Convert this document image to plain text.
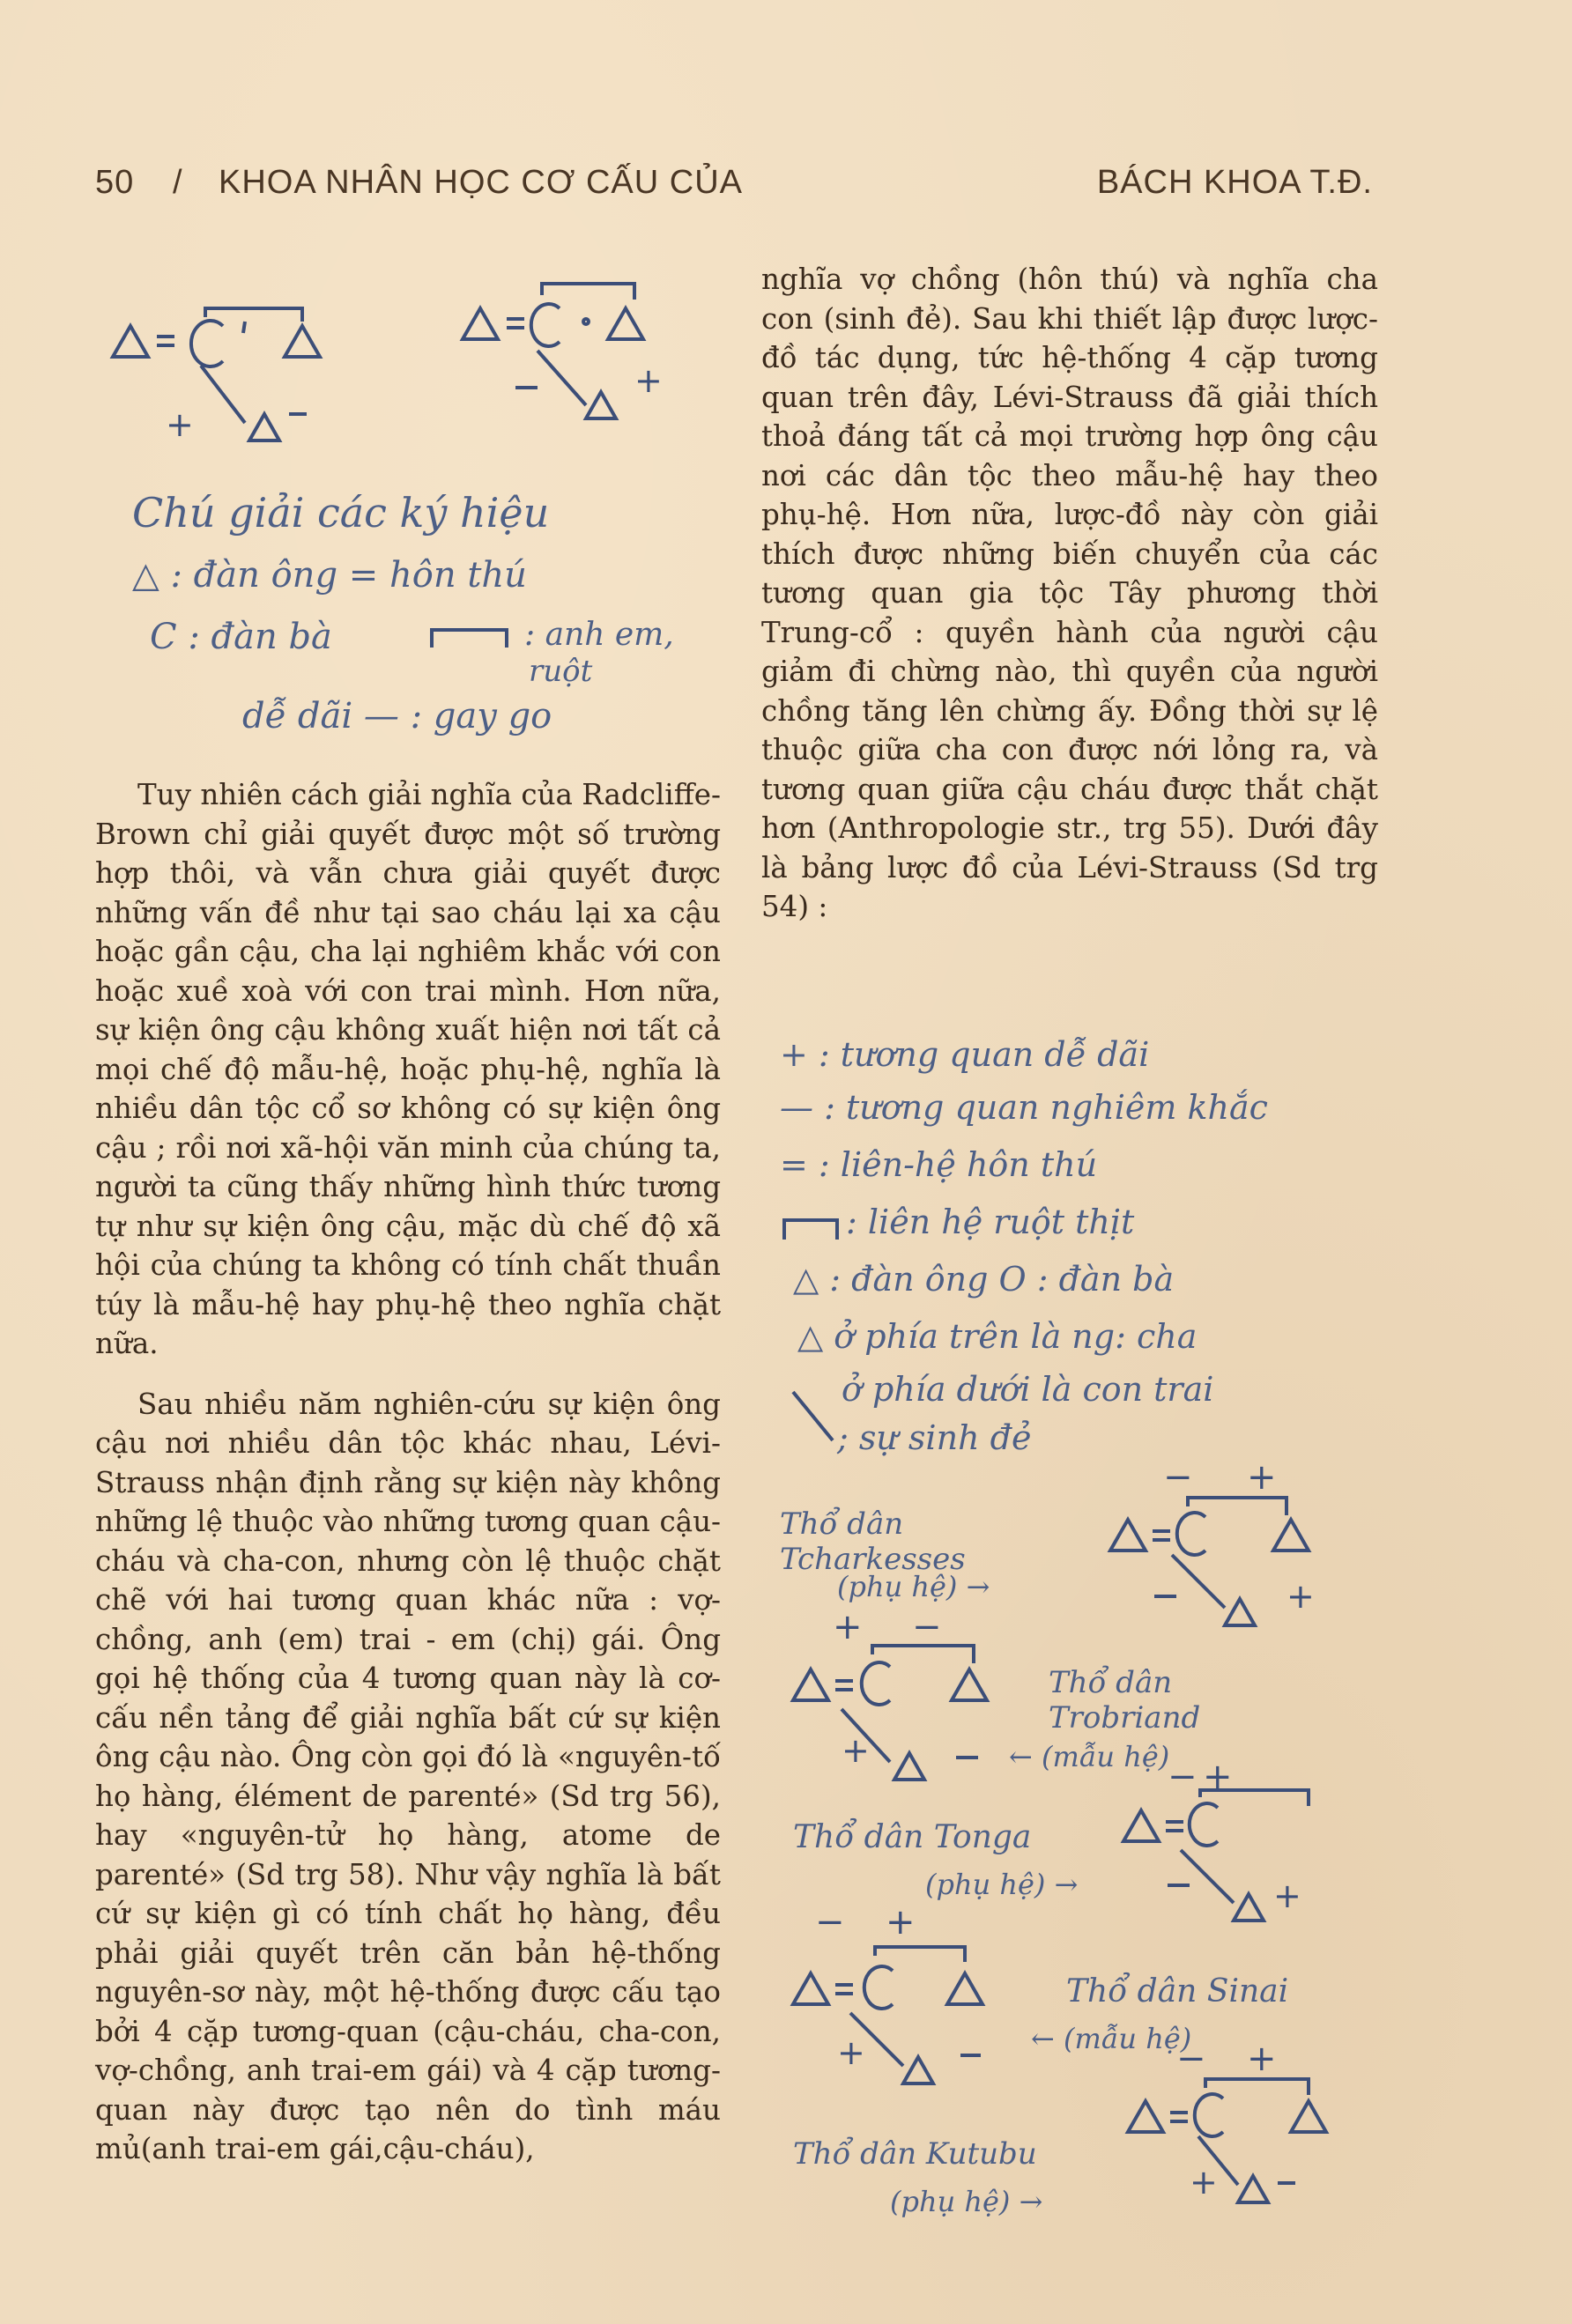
50 / KHOA NHÂN HỌC CƠ CẤU CỦA	BÁCH KHOA T.Đ.
+
+
Chú giải các ký hiệu
△ : đàn ông = hôn thú
C : đàn bà	: anh em,
ruột
dễ dãi — : gay go

Tuy nhiên cách giải nghĩa của Radcliffe-Brown chỉ giải quyết được một số trường hợp thôi, và vẫn chưa giải quyết được những vấn đề như tại sao cháu lại xa cậu hoặc gần cậu, cha lại nghiêm khắc với con hoặc xuề xoà với con trai mình. Hơn nữa, sự kiện ông cậu không xuất hiện nơi tất cả mọi chế độ mẫu-hệ, hoặc phụ-hệ, nghĩa là nhiều dân tộc cổ sơ không có sự kiện ông cậu ; rồi nơi xã-hội văn minh của chúng ta, người ta cũng thấy những hình thức tương tự như sự kiện ông cậu, mặc dù chế độ xã hội của chúng ta không có tính chất thuần túy là mẫu-hệ hay phụ-hệ theo nghĩa chặt nữa.

Sau nhiều năm nghiên-cứu sự kiện ông cậu nơi nhiều dân tộc khác nhau, Lévi-Strauss nhận định rằng sự kiện này không những lệ thuộc vào những tương quan cậu-cháu và cha-con, nhưng còn lệ thuộc chặt chẽ với hai tương quan khác nữa : vợ-chồng, anh (em) trai - em (chị) gái. Ông gọi hệ thống của 4 tương quan này là cơ-cấu nền tảng để giải nghĩa bất cứ sự kiện ông cậu nào. Ông còn gọi đó là «nguyên-tố họ hàng, élément de parenté» (Sd trg 56), hay «nguyên-tử họ hàng, atome de parenté» (Sd trg 58). Như vậy nghĩa là bất cứ sự kiện gì có tính chất họ hàng, đều phải giải quyết trên căn bản hệ-thống nguyên-sơ này, một hệ-thống được cấu tạo bởi 4 cặp tương-quan (cậu-cháu, cha-con, vợ-chồng, anh trai-em gái) và 4 cặp tương-quan này được tạo nên do tình máu mủ(anh trai-em gái,cậu-cháu),

nghĩa vợ chồng (hôn thú) và nghĩa cha con (sinh đẻ). Sau khi thiết lập được lược-đồ tác dụng, tức hệ-thống 4 cặp tương quan trên đây, Lévi-Strauss đã giải thích thoả đáng tất cả mọi trường hợp ông cậu nơi các dân tộc theo mẫu-hệ hay theo phụ-hệ. Hơn nữa, lược-đồ này còn giải thích được những biến chuyển của các tương quan gia tộc Tây phương thời Trung-cổ : quyền hành của người cậu giảm đi chừng nào, thì quyền của người chồng tăng lên chừng ấy. Đồng thời sự lệ thuộc giữa cha con được nới lỏng ra, và tương quan giữa cậu cháu được thắt chặt hơn (Anthropologie str., trg 55). Dưới đây là bảng lược đồ của Lévi-Strauss (Sd trg 54) :

+ : tương quan dễ dãi
— : tương quan nghiêm khắc
= : liên-hệ hôn thú
: liên hệ ruột thịt
△ : đàn ông O : đàn bà
△ ở phía trên là ng: cha
ở phía dưới là con trai
; sự sinh đẻ
Thổ dân Tcharkesses
(phụ hệ) →
− +
+
+ −
+
Thổ dân Trobriand
← (mẫu hệ)
− +
+
Thổ dân Tonga
(phụ hệ) →
− +
+
Thổ dân Sinai
← (mẫu hệ)
− +
+
Thổ dân Kutubu
(phụ hệ) →
